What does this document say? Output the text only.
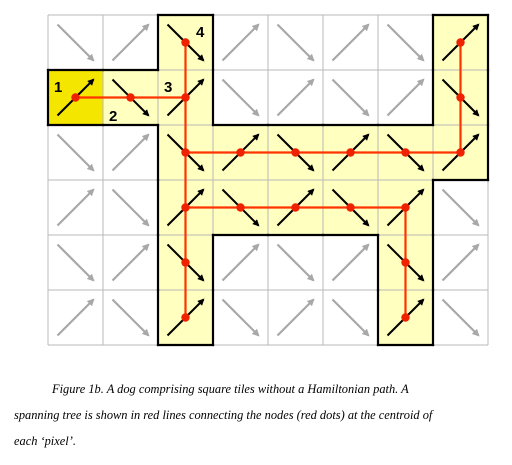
1
2
3
4
Figure 1b. A dog comprising square tiles without a Hamiltonian path. A
spanning tree is shown in red lines connecting the nodes (red dots) at the centroid of
each ‘pixel’.
